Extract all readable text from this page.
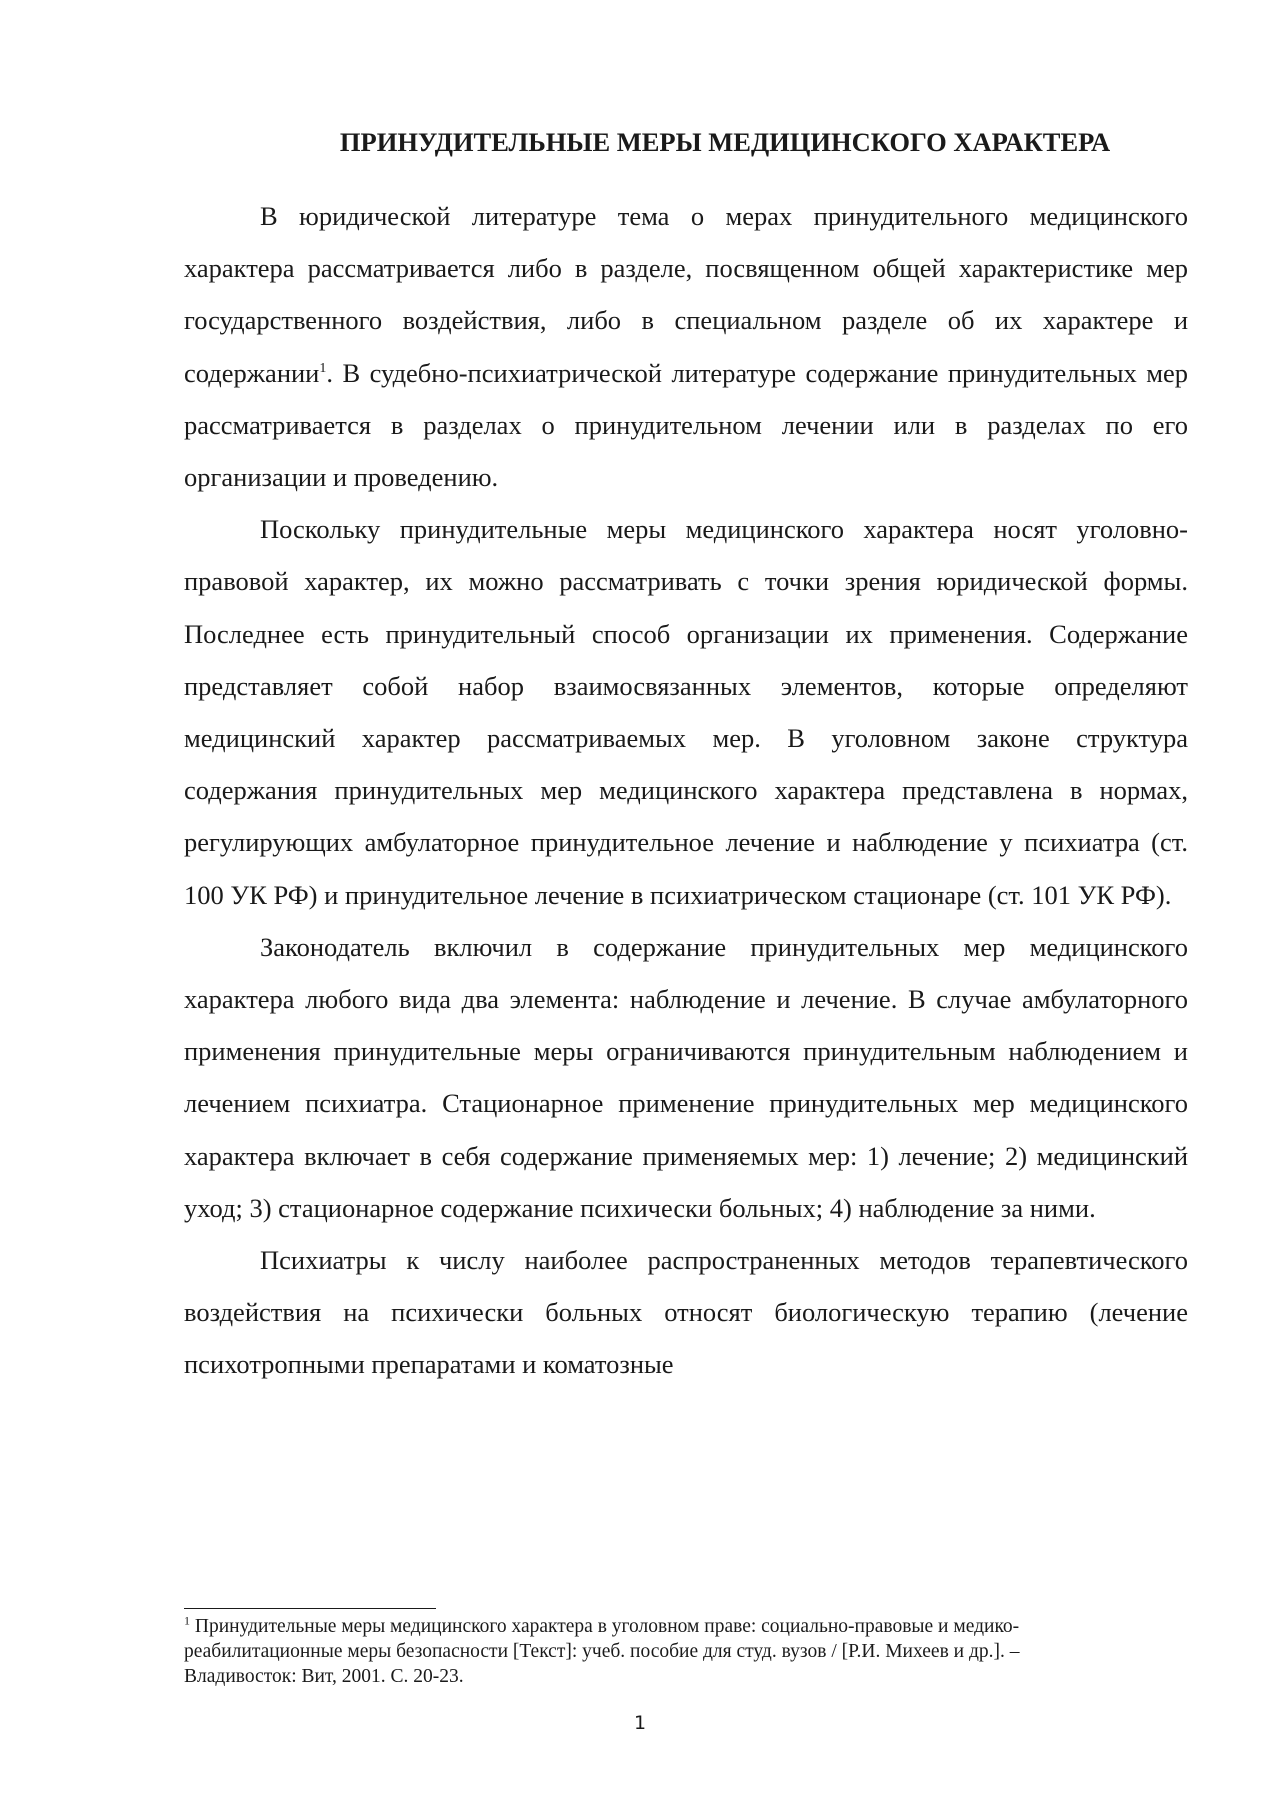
ПРИНУДИТЕЛЬНЫЕ МЕРЫ МЕДИЦИНСКОГО ХАРАКТЕРА

В юридической литературе тема о мерах принудительного медицинского характера рассматривается либо в разделе, посвященном общей характеристике мер государственного воздействия, либо в специальном разделе об их характере и содержании$^1$. В судебно-психиатрической литературе содержание принудительных мер рассматривается в разделах о принудительном лечении или в разделах по его организации и проведению.

Поскольку принудительные меры медицинского характера носят уголовно-правовой характер, их можно рассматривать с точки зрения юридической формы. Последнее есть принудительный способ организации их применения. Содержание представляет собой набор взаимосвязанных элементов, которые определяют медицинский характер рассматриваемых мер. В уголовном законе структура содержания принудительных мер медицинского характера представлена в нормах, регулирующих амбулаторное принудительное лечение и наблюдение у психиатра (ст. 100 УК РФ) и принудительное лечение в психиатрическом стационаре (ст. 101 УК РФ).

Законодатель включил в содержание принудительных мер медицинского характера любого вида два элемента: наблюдение и лечение. В случае амбулаторного применения принудительные меры ограничиваются принудительным наблюдением и лечением психиатра. Стационарное применение принудительных мер медицинского характера включает в себя содержание применяемых мер: 1) лечение; 2) медицинский уход; 3) стационарное содержание психически больных; 4) наблюдение за ними.

Психиатры к числу наиболее распространенных методов терапевтического воздействия на психически больных относят биологическую терапию (лечение психотропными препаратами и коматозные

$^1$ Принудительные меры медицинского характера в уголовном праве: социально-правовые и медико-реабилитационные меры безопасности [Текст]: учеб. пособие для студ. вузов / [Р.И. Михеев и др.]. – Владивосток: Вит, 2001. С. 20-23.

1
